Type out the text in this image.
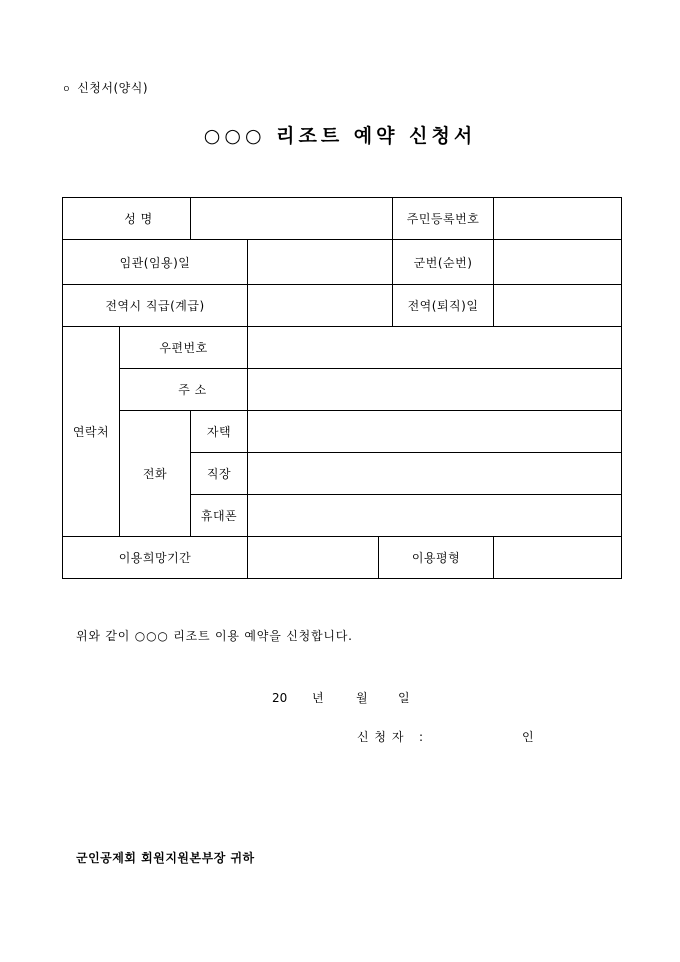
ㅇ 신청서(양식)
○○○ 리조트 예약 신청서
성 명					주민등록번호	
임관(임용)일					군번(순번)	
전역시 직급(계급)					전역(퇴직)일	
연락처	우편번호					
	주 소					
	전화	자택				
		직장				
		휴대폰				
이용희망기간				이용평형		
위와 같이 ○○○ 리조트 이용 예약을 신청합니다.
20 년	월	일
신 청 자 :	인
군인공제회 회원지원본부장 귀하
